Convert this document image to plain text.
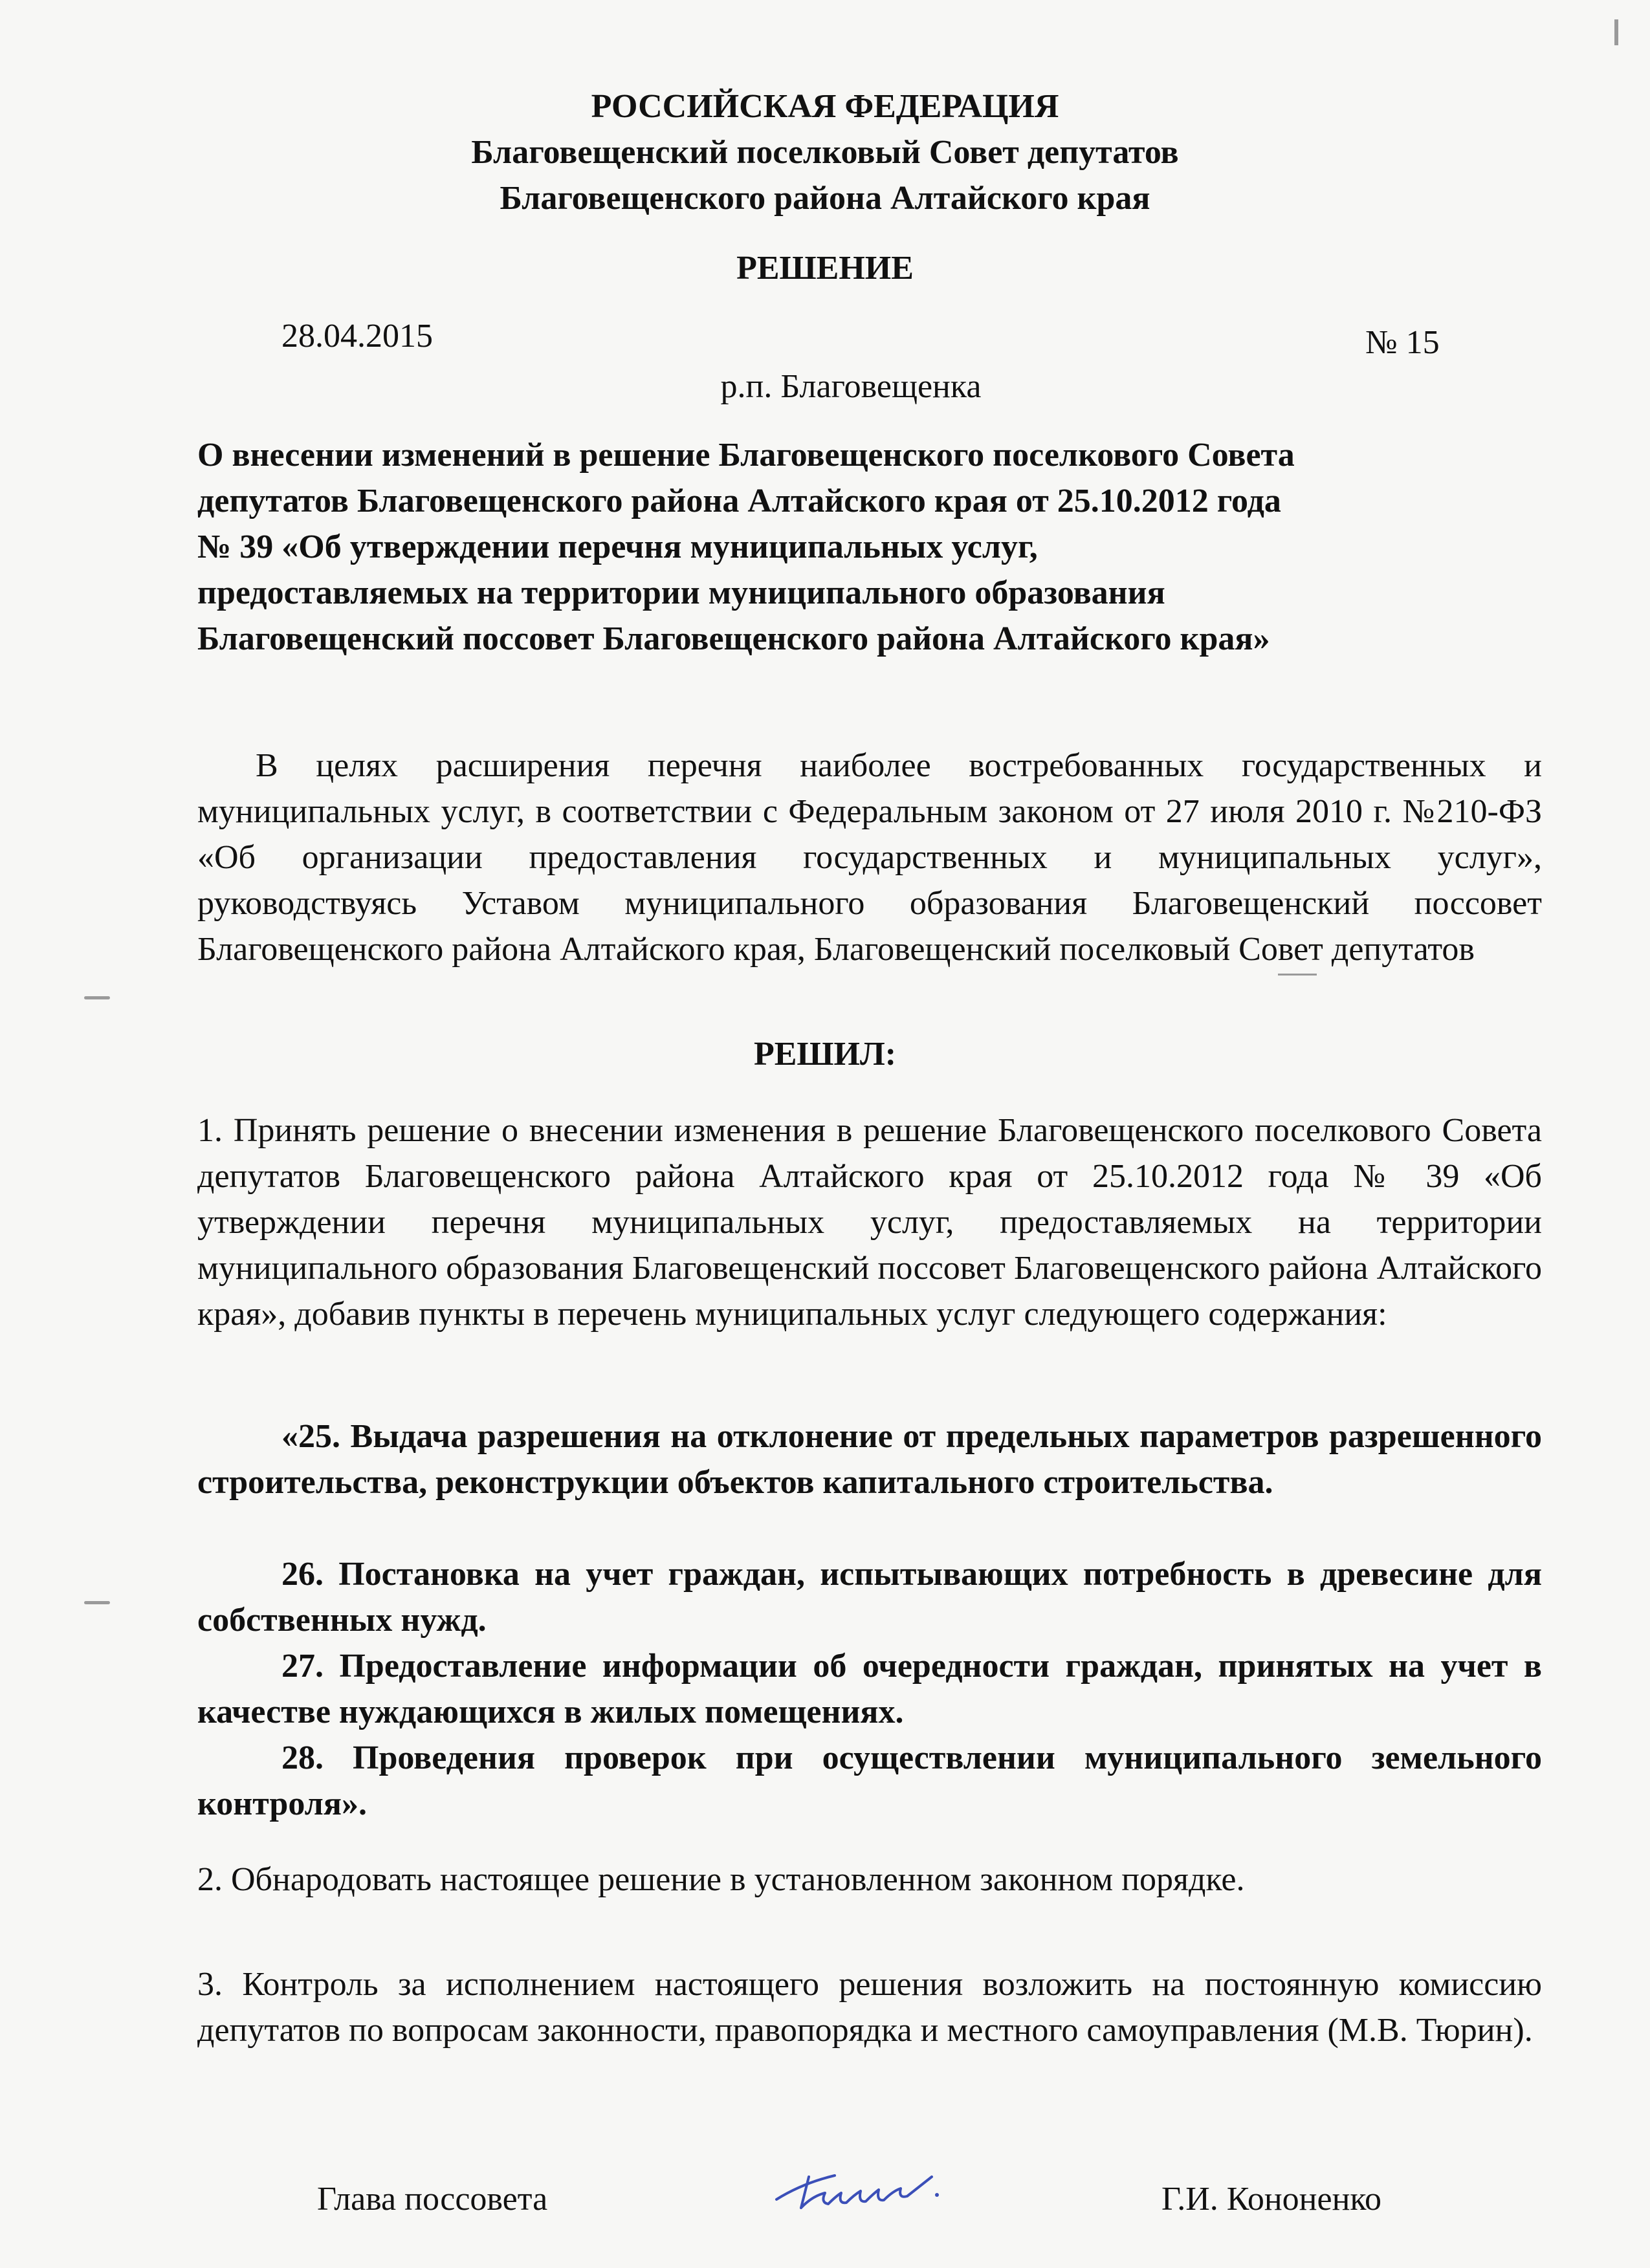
РОССИЙСКАЯ ФЕДЕРАЦИЯ
Благовещенский поселковый Совет депутатов
Благовещенского района Алтайского края
РЕШЕНИЕ
28.04.2015	№ 15
р.п. Благовещенка
О внесении изменений в решение Благовещенского поселкового Совета депутатов Благовещенского района Алтайского края от 25.10.2012 года № 39 «Об утверждении перечня муниципальных услуг, предоставляемых на территории муниципального образования Благовещенский поссовет Благовещенского района Алтайского края»
В целях расширения перечня наиболее востребованных государственных и муниципальных услуг, в соответствии с Федеральным законом от 27 июля 2010 г. №210-ФЗ «Об организации предоставления государственных и муниципальных услуг», руководствуясь Уставом муниципального образования Благовещенский поссовет Благовещенского района Алтайского края, Благовещенский поселковый Совет депутатов
РЕШИЛ:
1. Принять решение о внесении изменения в решение Благовещенского поселкового Совета депутатов Благовещенского района Алтайского края от 25.10.2012 года № 39 «Об утверждении перечня муниципальных услуг, предоставляемых на территории муниципального образования Благовещенский поссовет Благовещенского района Алтайского края», добавив пункты в перечень муниципальных услуг следующего содержания:
«25. Выдача разрешения на отклонение от предельных параметров разрешенного строительства, реконструкции объектов капитального строительства.
26. Постановка на учет граждан, испытывающих потребность в древесине для собственных нужд.
27. Предоставление информации об очередности граждан, принятых на учет в качестве нуждающихся в жилых помещениях.
28. Проведения проверок при осуществлении муниципального земельного контроля».
2. Обнародовать настоящее решение в установленном законном порядке.
3. Контроль за исполнением настоящего решения возложить на постоянную комиссию депутатов по вопросам законности, правопорядка и местного самоуправления (М.В. Тюрин).
Глава поссовета	Г.И. Кононенко
